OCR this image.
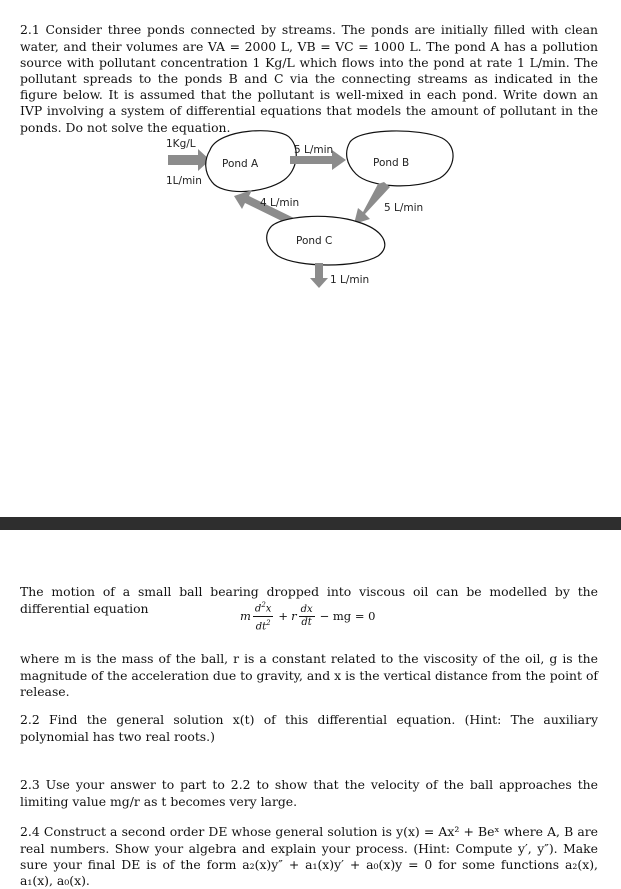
2.1 Consider three ponds connected by streams. The ponds are initially filled with clean water, and their volumes are VA = 2000 L, VB = VC = 1000 L. The pond A has a pollution source with pollutant concentration 1 Kg/L which flows into the pond at rate 1 L/min. The pollutant spreads to the ponds B and C via the connecting streams as indicated in the figure below. It is assumed that the pollutant is well-mixed in each pond. Write down an IVP involving a system of differential equations that models the amount of pollutant in the ponds. Do not solve the equation.

1Kg/L
1L/min
Pond A
5 L/min
Pond B
4 L/min	5 L/min
Pond C
1 L/min

The motion of a small ball bearing dropped into viscous oil can be modelled by the differential equation

m $\frac{d^2x}{dt^2} + r \frac{dx}{dt}$ − mg = 0

where m is the mass of the ball, r is a constant related to the viscosity of the oil, g is the magnitude of the acceleration due to gravity, and x is the vertical distance from the point of release.

2.2 Find the general solution x(t) of this differential equation. (Hint: The auxiliary polynomial has two real roots.)

2.3 Use your answer to part to 2.2 to show that the velocity of the ball approaches the limiting value mg/r as t becomes very large.

2.4 Construct a second order DE whose general solution is y(x) = Ax² + Beˣ where A, B are real numbers. Show your algebra and explain your process. (Hint: Compute y′, y″). Make sure your final DE is of the form a₂(x)y″ + a₁(x)y′ + a₀(x)y = 0 for some functions a₂(x), a₁(x), a₀(x).
